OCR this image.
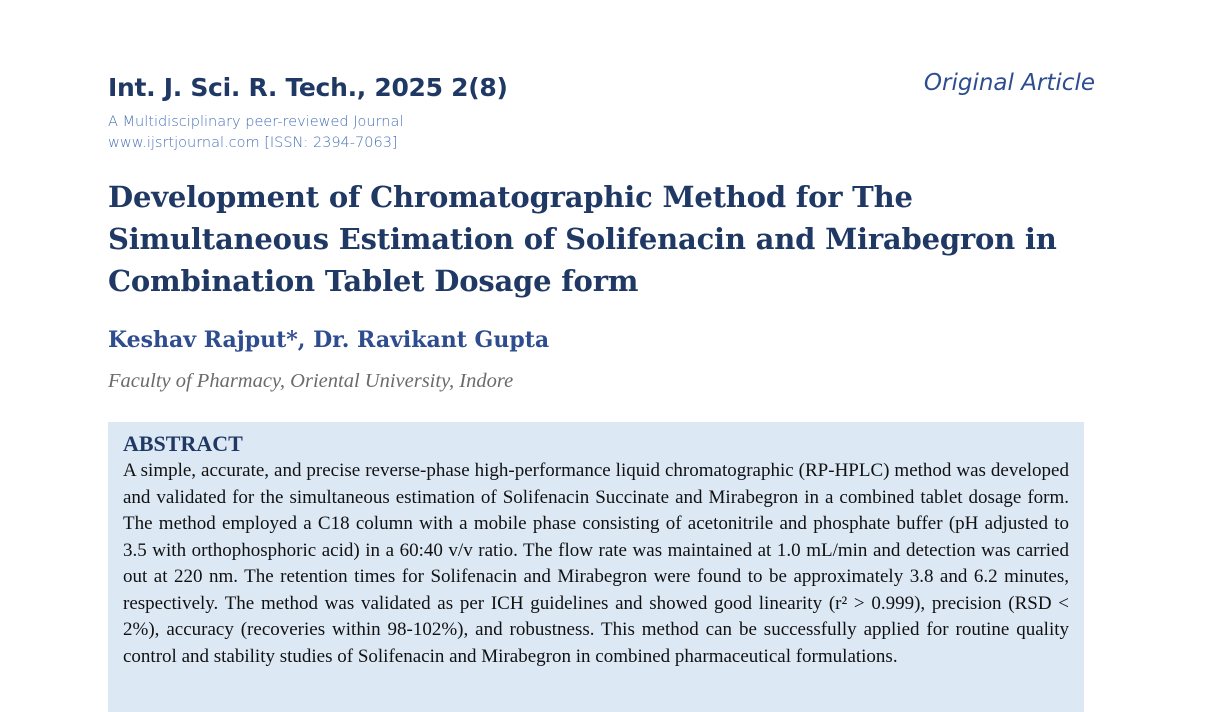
Int. J. Sci. R. Tech., 2025 2(8)	Original Article
A Multidisciplinary peer-reviewed Journal
www.ijsrtjournal.com [ISSN: 2394-7063]
Development of Chromatographic Method for The Simultaneous Estimation of Solifenacin and Mirabegron in Combination Tablet Dosage form
Keshav Rajput*, Dr. Ravikant Gupta
Faculty of Pharmacy, Oriental University, Indore
ABSTRACT

A simple, accurate, and precise reverse-phase high-performance liquid chromatographic (RP-HPLC) method was developed and validated for the simultaneous estimation of Solifenacin Succinate and Mirabegron in a combined tablet dosage form. The method employed a C18 column with a mobile phase consisting of acetonitrile and phosphate buffer (pH adjusted to 3.5 with orthophosphoric acid) in a 60:40 v/v ratio. The flow rate was maintained at 1.0 mL/min and detection was carried out at 220 nm. The retention times for Solifenacin and Mirabegron were found to be approximately 3.8 and 6.2 minutes, respectively. The method was validated as per ICH guidelines and showed good linearity (r² > 0.999), precision (RSD < 2%), accuracy (recoveries within 98-102%), and robustness. This method can be successfully applied for routine quality control and stability studies of Solifenacin and Mirabegron in combined pharmaceutical formulations.
